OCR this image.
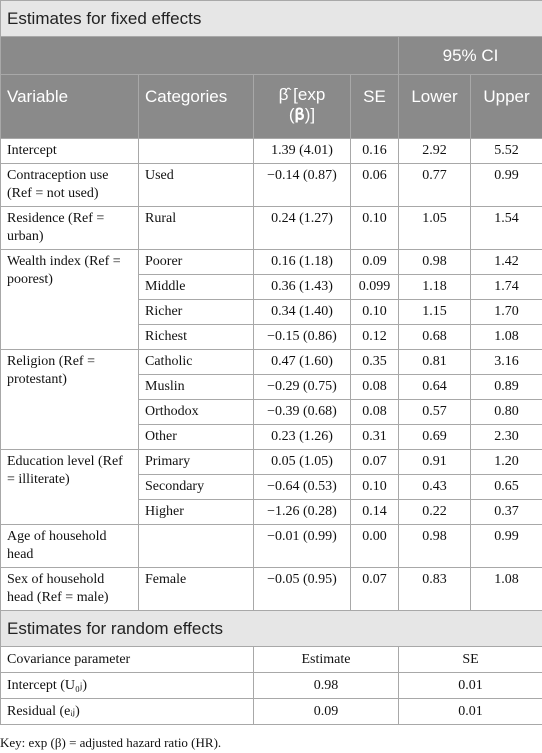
Estimates for fixed effects					
				95% CI	
Variable	Categories	β̂ [exp
(𝛃)]	SE	Lower	Upper
Intercept		1.39 (4.01)	0.16	2.92	5.52
Contraception use (Ref = not used)	Used	−0.14 (0.87)	0.06	0.77	0.99
Residence (Ref = urban)	Rural	0.24 (1.27)	0.10	1.05	1.54
Wealth index (Ref = poorest)	Poorer	0.16 (1.18)	0.09	0.98	1.42
	Middle	0.36 (1.43)	0.099	1.18	1.74
	Richer	0.34 (1.40)	0.10	1.15	1.70
	Richest	−0.15 (0.86)	0.12	0.68	1.08
Religion (Ref = protestant)	Catholic	0.47 (1.60)	0.35	0.81	3.16
	Muslin	−0.29 (0.75)	0.08	0.64	0.89
	Orthodox	−0.39 (0.68)	0.08	0.57	0.80
	Other	0.23 (1.26)	0.31	0.69	2.30
Education level (Ref = illiterate)	Primary	0.05 (1.05)	0.07	0.91	1.20
	Secondary	−0.64 (0.53)	0.10	0.43	0.65
	Higher	−1.26 (0.28)	0.14	0.22	0.37
Age of household head		−0.01 (0.99)	0.00	0.98	0.99
Sex of household head (Ref = male)	Female	−0.05 (0.95)	0.07	0.83	1.08
Estimates for random effects					
Covariance parameter		Estimate		SE	
Intercept (U₀ⱼ)		0.98		0.01	
Residual (eᵢⱼ)		0.09		0.01	
Key: exp (β) = adjusted hazard ratio (HR).
